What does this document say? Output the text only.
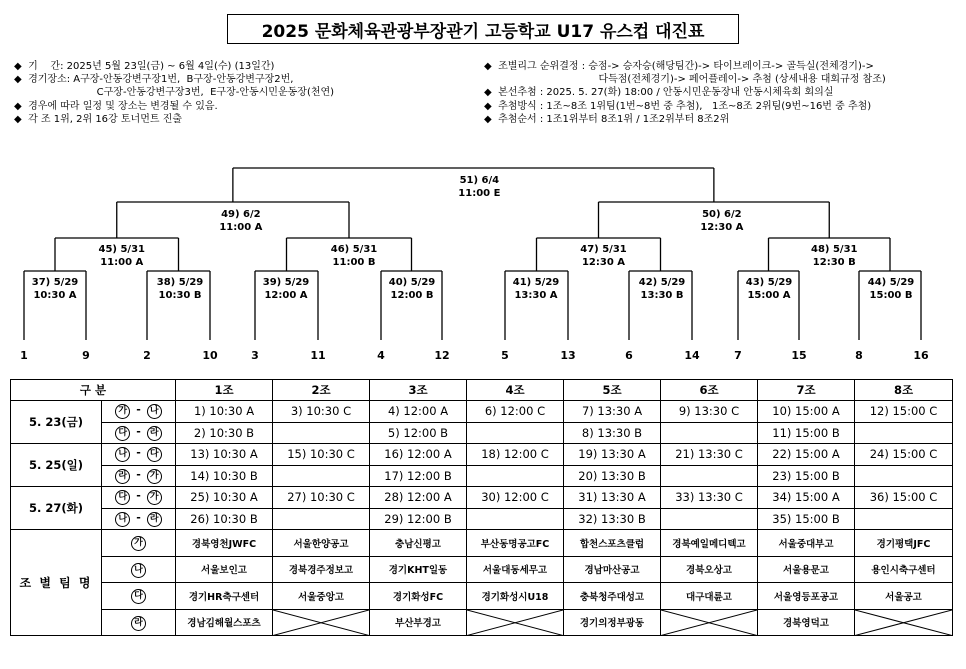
2025 문화체육관광부장관기 고등학교 U17 유스컵 대진표
◆  기    간: 2025년 5월 23일(금) ~ 6월 4일(수) (13일간)
◆  경기장소: A구장-안동강변구장1번,  B구장-안동강변구장2번,
C구장-안동강변구장3번,  E구장-안동시민운동장(천연)
◆  경우에 따라 일정 및 장소는 변경될 수 있음.
◆  각 조 1위, 2위 16강 토너먼트 진출
◆  조별리그 순위결정 : 승점-> 승자승(해당팀간)-> 타이브레이크-> 골득실(전체경기)->
다득점(전체경기)-> 페어플레이-> 추첨 (상세내용 대회규정 참조)
◆  본선추첨 : 2025. 5. 27(화) 18:00 / 안동시민운동장내 안동시체육회 회의실
◆  추첨방식 : 1조~8조 1위팀(1번~8번 중 추첨),   1조~8조 2위팀(9번~16번 중 추첨)
◆  추첨순서 : 1조1위부터 8조1위 / 1조2위부터 8조2위
51) 6/4
11:00 E
49) 6/2
11:00 A
50) 6/2
12:30 A
45) 5/31
11:00 A
46) 5/31
11:00 B
47) 5/31
12:30 A
48) 5/31
12:30 B
37) 5/29
10:30 A
38) 5/29
10:30 B
39) 5/29
12:00 A
40) 5/29
12:00 B
41) 5/29
13:30 A
42) 5/29
13:30 B
43) 5/29
15:00 A
44) 5/29
15:00 B
1	9	2	10	3	11	4	12	5	13	6	14	7	15	8	16
구 분		1조	2조	3조	4조	5조	6조	7조	8조
5. 23(금)	가 - 나	1) 10:30 A	3) 10:30 C	4) 12:00 A	6) 12:00 C	7) 13:30 A	9) 13:30 C	10) 15:00 A	12) 15:00 C
	다 - 라	2) 10:30 B		5) 12:00 B		8) 13:30 B		11) 15:00 B	
5. 25(일)	나 - 다	13) 10:30 A	15) 10:30 C	16) 12:00 A	18) 12:00 C	19) 13:30 A	21) 13:30 C	22) 15:00 A	24) 15:00 C
	라 - 가	14) 10:30 B		17) 12:00 B		20) 13:30 B		23) 15:00 B	
5. 27(화)	다 - 가	25) 10:30 A	27) 10:30 C	28) 12:00 A	30) 12:00 C	31) 13:30 A	33) 13:30 C	34) 15:00 A	36) 15:00 C
	나 - 라	26) 10:30 B		29) 12:00 B		32) 13:30 B		35) 15:00 B	
조 별 팀 명	가	경북영천JWFC	서울한양공고	충남신평고	부산동명공고FC	합천스포츠클럽	경북예일메디텍고	서울중대부고	경기평택JFC
	나	서울보인고	경북경주정보고	경기KHT일동	서울대동세무고	경남마산공고	경북오상고	서울용문고	용인시축구센터
	다	경기HR축구센터	서울중앙고	경기화성FC	경기화성시U18	충북청주대성고	대구대륜고	서울영등포공고	서울공고
	라	경남김해월스포츠		부산부경고		경기의정부광동		경북영덕고	
